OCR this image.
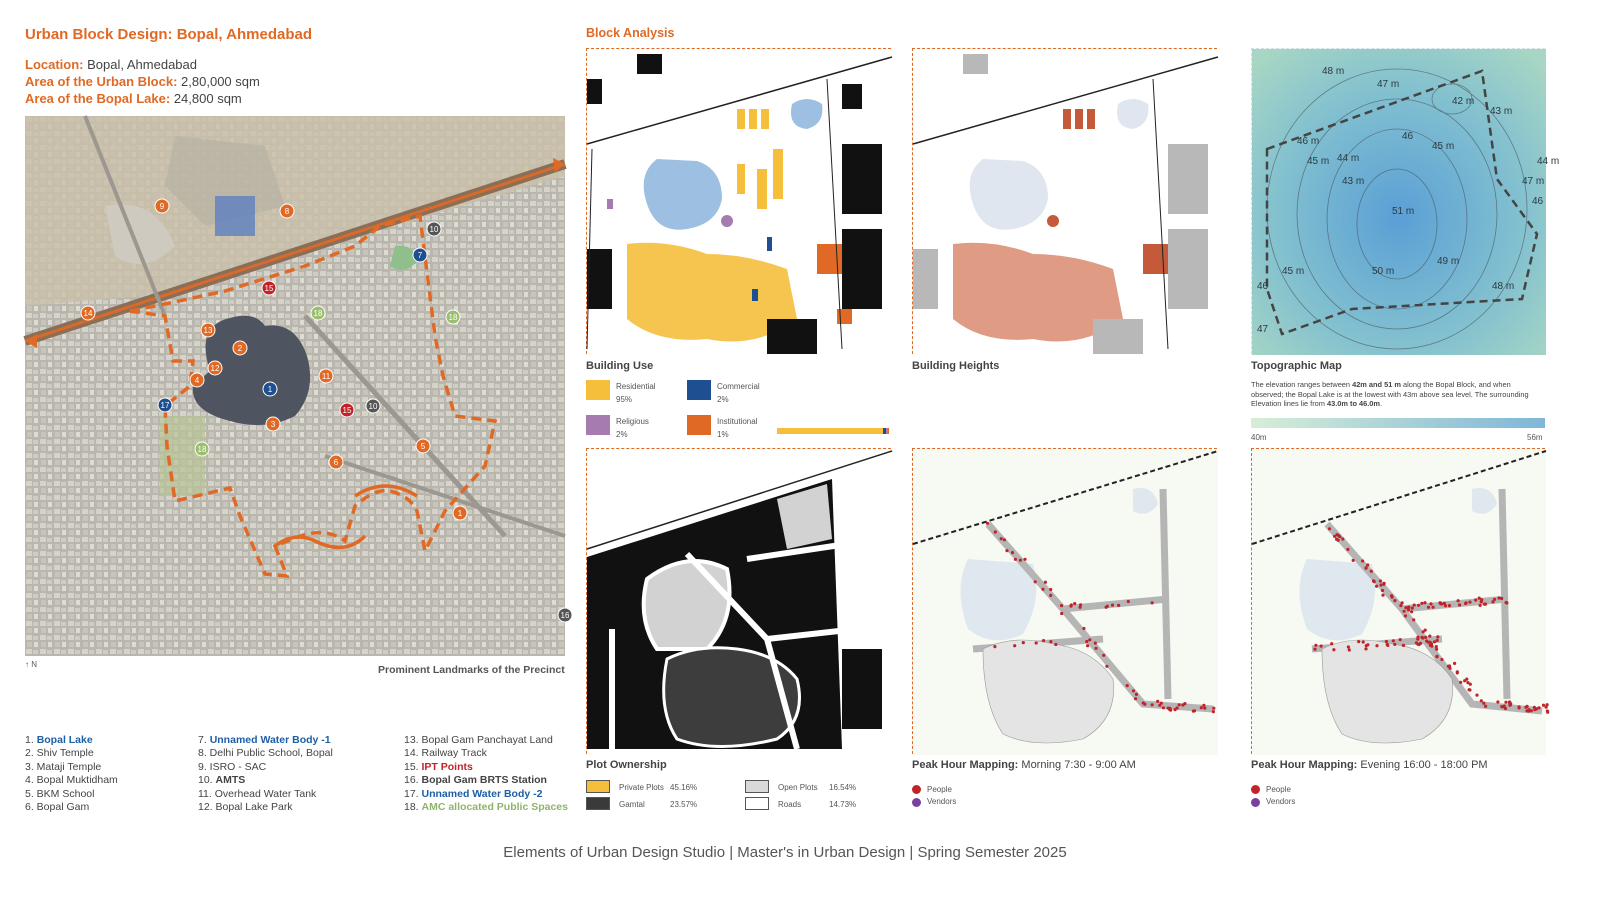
Urban Block Design: Bopal, Ahmedabad
Location: Bopal, Ahmedabad
Area of the Urban Block: 2,80,000 sqm
Area of the Bopal Lake: 24,800 sqm
1
2
3
4
5
6
7
8
9
10
10
11
12
13
14
15
15
16
17
18	18
18
1
↑ N	Prominent Landmarks of the Precinct
1. Bopal Lake
2. Shiv Temple
3. Mataji Temple
4. Bopal Muktidham
5. BKM School
6. Bopal Gam
7. Unnamed Water Body -1
8. Delhi Public School, Bopal
9. ISRO - SAC
10. AMTS
11. Overhead Water Tank
12. Bopal Lake Park
13. Bopal Gam Panchayat Land
14. Railway Track
15. IPT Points
16. Bopal Gam BRTS Station
17. Unnamed Water Body -2
18. AMC allocated Public Spaces
Block Analysis
Building Use
Residential
95%
Commercial
2%
Religious
2%
Institutional
1%
Building Heights
48 m
47 m
42 m
43 m
46 m
45 m 44 m
43 m
45 m
51 m
47 m
46
49 m
50 m
45 m
46	48 m
47
44 m
46
Topographic Map
The elevation ranges between 42m and 51 m along the Bopal Block, and when observed; the Bopal Lake is at the lowest with 43m above sea level. The surrounding Elevation lines lie from 43.0m to 46.0m.
40m	56m
Plot Ownership
Private Plots 45.16%	Open Plots 16.54%
Gamtal	23.57%	Roads	14.73%
Peak Hour Mapping: Morning 7:30 - 9:00 AM
People
Vendors
Peak Hour Mapping: Evening 16:00 - 18:00 PM
People
Vendors
Elements of Urban Design Studio | Master's in Urban Design | Spring Semester 2025
